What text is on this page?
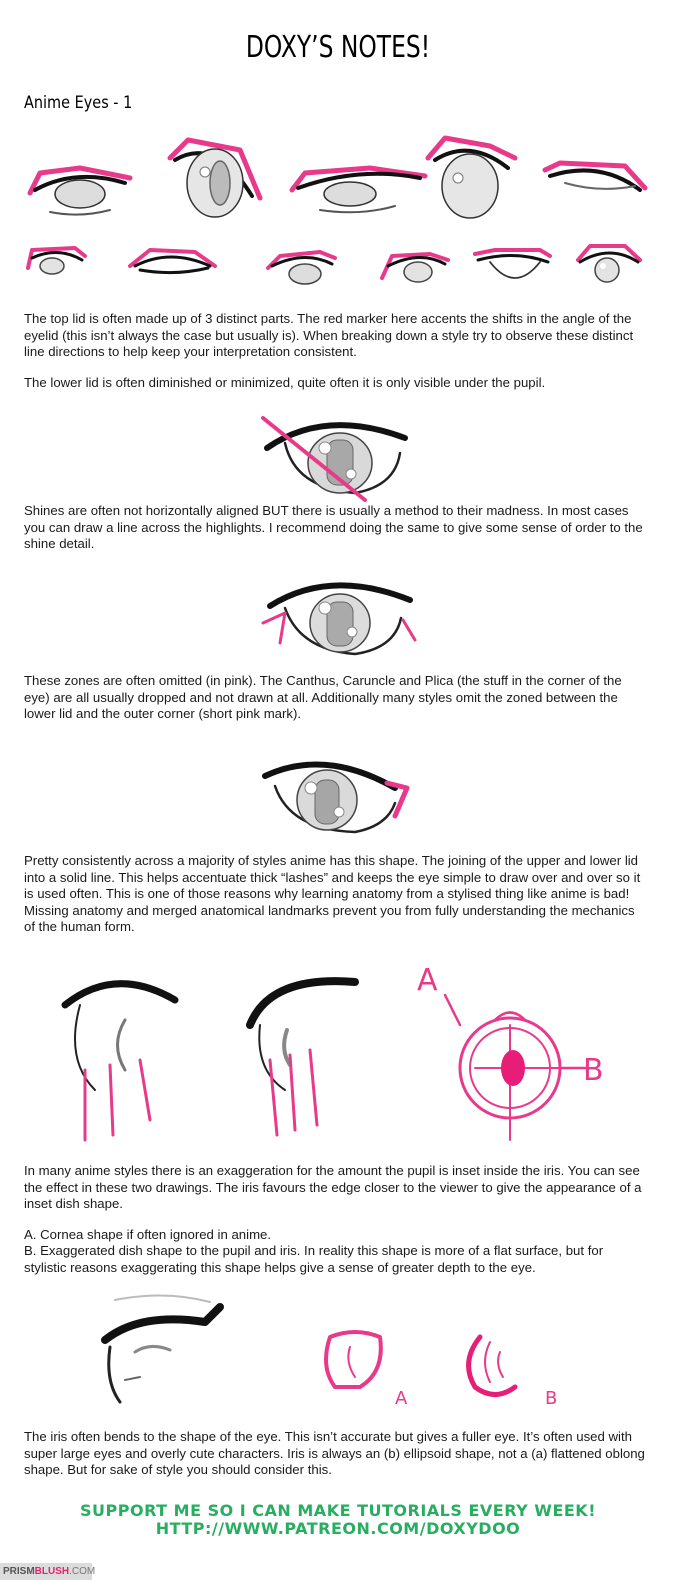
DOXY’S NOTES!
Anime Eyes - 1

The top lid is often made up of 3 distinct parts. The red marker here accents the shifts in the angle of the eyelid (this isn’t always the case but usually is). When breaking down a style try to observe these distinct line directions to help keep your interpretation consistent.

The lower lid is often diminished or minimized, quite often it is only visible under the pupil.

Shines are often not horizontally aligned BUT there is usually a method to their madness. In most cases you can draw a line across the highlights. I recommend doing the same to give some sense of order to the shine detail.

These zones are often omitted (in pink). The Canthus, Caruncle and Plica (the stuff in the corner of the eye) are all usually dropped and not drawn at all. Additionally many styles omit the zoned between the lower lid and the outer corner (short pink mark).

Pretty consistently across a majority of styles anime has this shape. The joining of the upper and lower lid into a solid line. This helps accentuate thick “lashes” and keeps the eye simple to draw over and over so it is used often. This is one of those reasons why learning anatomy from a stylised thing like anime is bad! Missing anatomy and merged anatomical landmarks prevent you from fully understanding the mechanics of the human form.

A
B

In many anime styles there is an exaggeration for the amount the pupil is inset inside the iris. You can see the effect in these two drawings. The iris favours the edge closer to the viewer to give the appearance of a inset dish shape.

A. Cornea shape if often ignored in anime.

B. Exaggerated dish shape to the pupil and iris. In reality this shape is more of a flat surface, but for stylistic reasons exaggerating this shape helps give a sense of greater depth to the eye.

A	B

The iris often bends to the shape of the eye. This isn’t accurate but gives a fuller eye. It’s often used with super large eyes and overly cute characters. Iris is always an (b) ellipsoid shape, not a (a) flattened oblong shape. But for sake of style you should consider this.

SUPPORT ME SO I CAN MAKE TUTORIALS EVERY WEEK!
HTTP://WWW.PATREON.COM/DOXYDOO
PRISMBLUSH.COM
